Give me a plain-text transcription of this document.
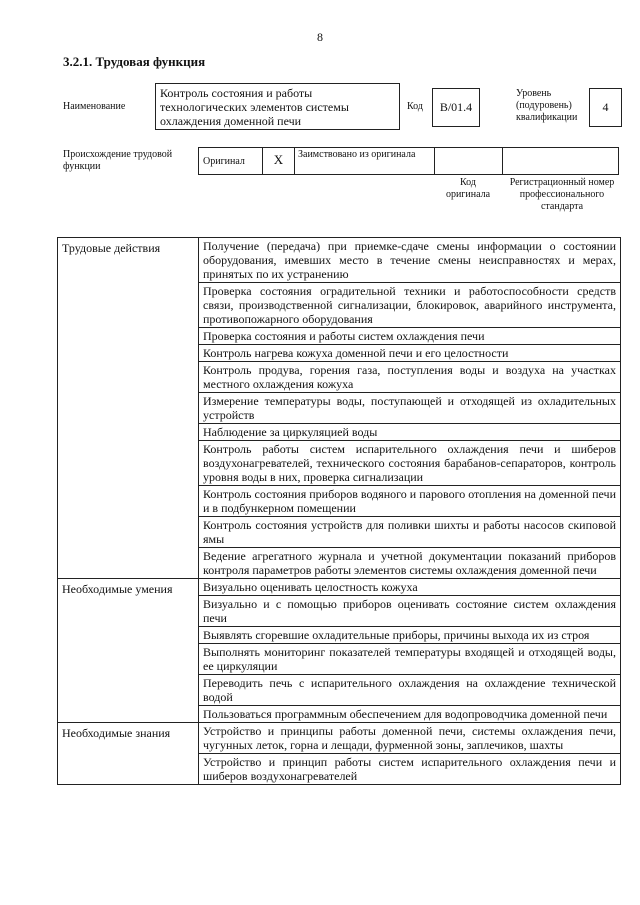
8
3.2.1. Трудовая функция
Наименование
Контроль состояния и работы технологических элементов системы охлаждения доменной печи
Код	В/01.4
Уровень (подуровень) квалификации
4
Происхождение трудовой функции	Оригинал	X	Заимствовано из оригинала
Код оригинала
Регистрационный номер профессионального стандарта
Трудовые действия	Получение (передача) при приемке-сдаче смены информации о состоянии оборудования, имевших место в течение смены неисправностях и мерах, принятых по их устранению
	Проверка состояния оградительной техники и работоспособности средств связи, производственной сигнализации, блокировок, аварийного инструмента, противопожарного оборудования
	Проверка состояния и работы систем охлаждения печи
	Контроль нагрева кожуха доменной печи и его целостности
	Контроль продува, горения газа, поступления воды и воздуха на участках местного охлаждения кожуха
	Измерение температуры воды, поступающей и отходящей из охладительных устройств
	Наблюдение за циркуляцией воды
	Контроль работы систем испарительного охлаждения печи и шиберов воздухонагревателей, технического состояния барабанов-сепараторов, контроль уровня воды в них, проверка сигнализации
	Контроль состояния приборов водяного и парового отопления на доменной печи и в подбункерном помещении
	Контроль состояния устройств для поливки шихты и работы насосов скиповой ямы
	Ведение агрегатного журнала и учетной документации показаний приборов контроля параметров работы элементов системы охлаждения доменной печи
Необходимые умения	Визуально оценивать целостность кожуха
	Визуально и с помощью приборов оценивать состояние систем охлаждения печи
	Выявлять сгоревшие охладительные приборы, причины выхода их из строя
	Выполнять мониторинг показателей температуры входящей и отходящей воды, ее циркуляции
	Переводить печь с испарительного охлаждения на охлаждение технической водой
	Пользоваться программным обеспечением для водопроводчика доменной печи
Необходимые знания	Устройство и принципы работы доменной печи, системы охлаждения печи, чугунных леток, горна и лещади, фурменной зоны, заплечиков, шахты
	Устройство и принцип работы систем испарительного охлаждения печи и шиберов воздухонагревателей
